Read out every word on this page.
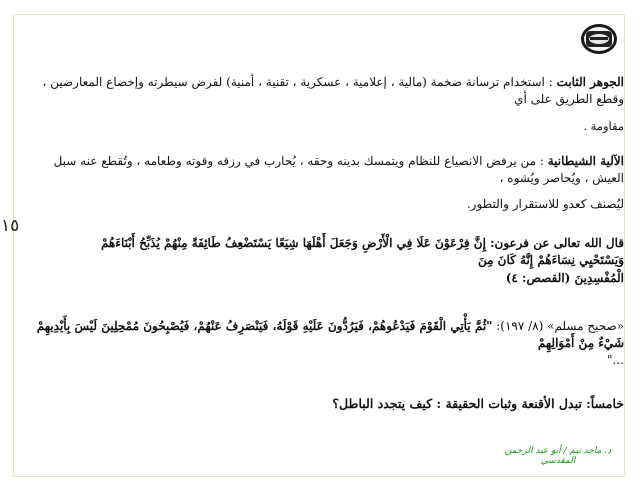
١٥

الجوهر الثابت : استخدام ترسانة ضخمة (مالية ، إعلامية ، عسكرية ، تقنية ، أمنية) لفرض سيطرته وإخضاع المعارضين ، وقطع الطريق على أي

مقاومة .

الآلية الشيطانية : من يرفض الانصياع للنظام ويتمسك بدينه وحقه ، يُحارب في رزقه وقوته وطعامه ، وتُقطع عنه سبل العيش ، ويُحاصر ويُشوه ،

ليُصنف كعدو للاستقرار والتطور.

قال الله تعالى عن فرعون: إِنَّ فِرْعَوْنَ عَلَا فِي الْأَرْضِ وَجَعَلَ أَهْلَهَا شِيَعًا يَسْتَضْعِفُ طَائِفَةً مِنْهُمْ يُذَبِّحُ أَبْنَاءَهُمْ وَيَسْتَحْيِي نِسَاءَهُمْ إِنَّهُ كَانَ مِنَ

الْمُفْسِدِينَ (القصص: ٤)

«صحيح مسلم» (٨/ ١٩٧): "ثُمَّ يَأْتِي الْقَوْمَ فَيَدْعُوهُمْ، فَيَرُدُّونَ عَلَيْهِ قَوْلَهُ، فَيَنْصَرِفُ عَنْهُمْ، فَيُصْبِحُونَ مُمْحِلِينَ لَيْسَ بِأَيْدِيهِمْ شَيْءٌ مِنْ أَمْوَالِهِمْ

..."

خامساً: تبدل الأقنعة وثبات الحقيقة : كيف يتجدد الباطل؟

د. ماجد تيم / أبو عبد الرحمن المقدسي
